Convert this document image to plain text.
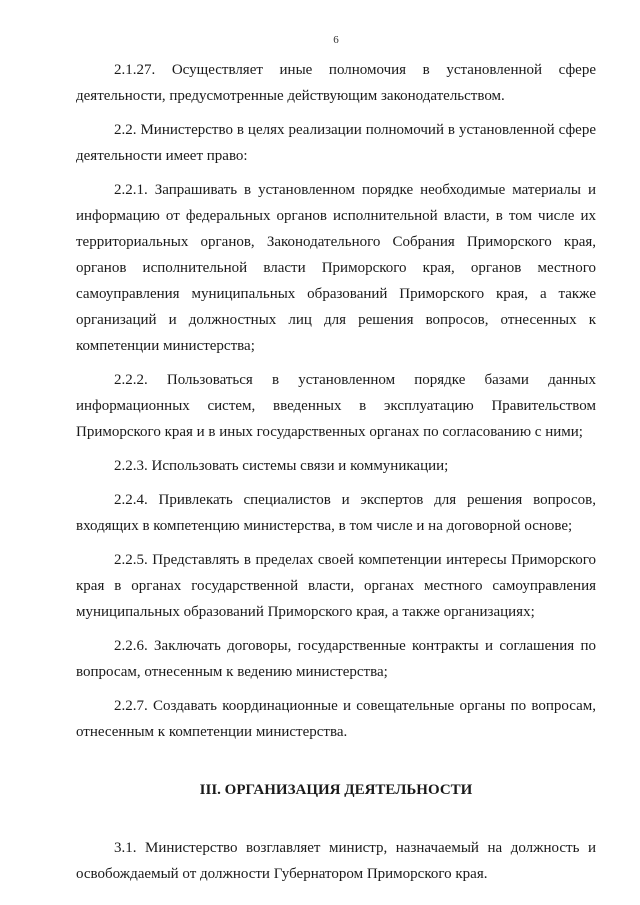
6

2.1.27. Осуществляет иные полномочия в установленной сфере деятельности, предусмотренные действующим законодательством.

2.2. Министерство в целях реализации полномочий в установленной сфере деятельности имеет право:

2.2.1. Запрашивать в установленном порядке необходимые материалы и информацию от федеральных органов исполнительной власти, в том числе их территориальных органов, Законодательного Собрания Приморского края, органов исполнительной власти Приморского края, органов местного самоуправления муниципальных образований Приморского края, а также организаций и должностных лиц для решения вопросов, отнесенных к компетенции министерства;

2.2.2. Пользоваться в установленном порядке базами данных информационных систем, введенных в эксплуатацию Правительством Приморского края и в иных государственных органах по согласованию с ними;

2.2.3. Использовать системы связи и коммуникации;

2.2.4. Привлекать специалистов и экспертов для решения вопросов, входящих в компетенцию министерства, в том числе и на договорной основе;

2.2.5. Представлять в пределах своей компетенции интересы Приморского края в органах государственной власти, органах местного самоуправления муниципальных образований Приморского края, а также организациях;

2.2.6. Заключать договоры, государственные контракты и соглашения по вопросам, отнесенным к ведению министерства;

2.2.7. Создавать координационные и совещательные органы по вопросам, отнесенным к компетенции министерства.

III. ОРГАНИЗАЦИЯ ДЕЯТЕЛЬНОСТИ

3.1. Министерство возглавляет министр, назначаемый на должность и освобождаемый от должности Губернатором Приморского края.
